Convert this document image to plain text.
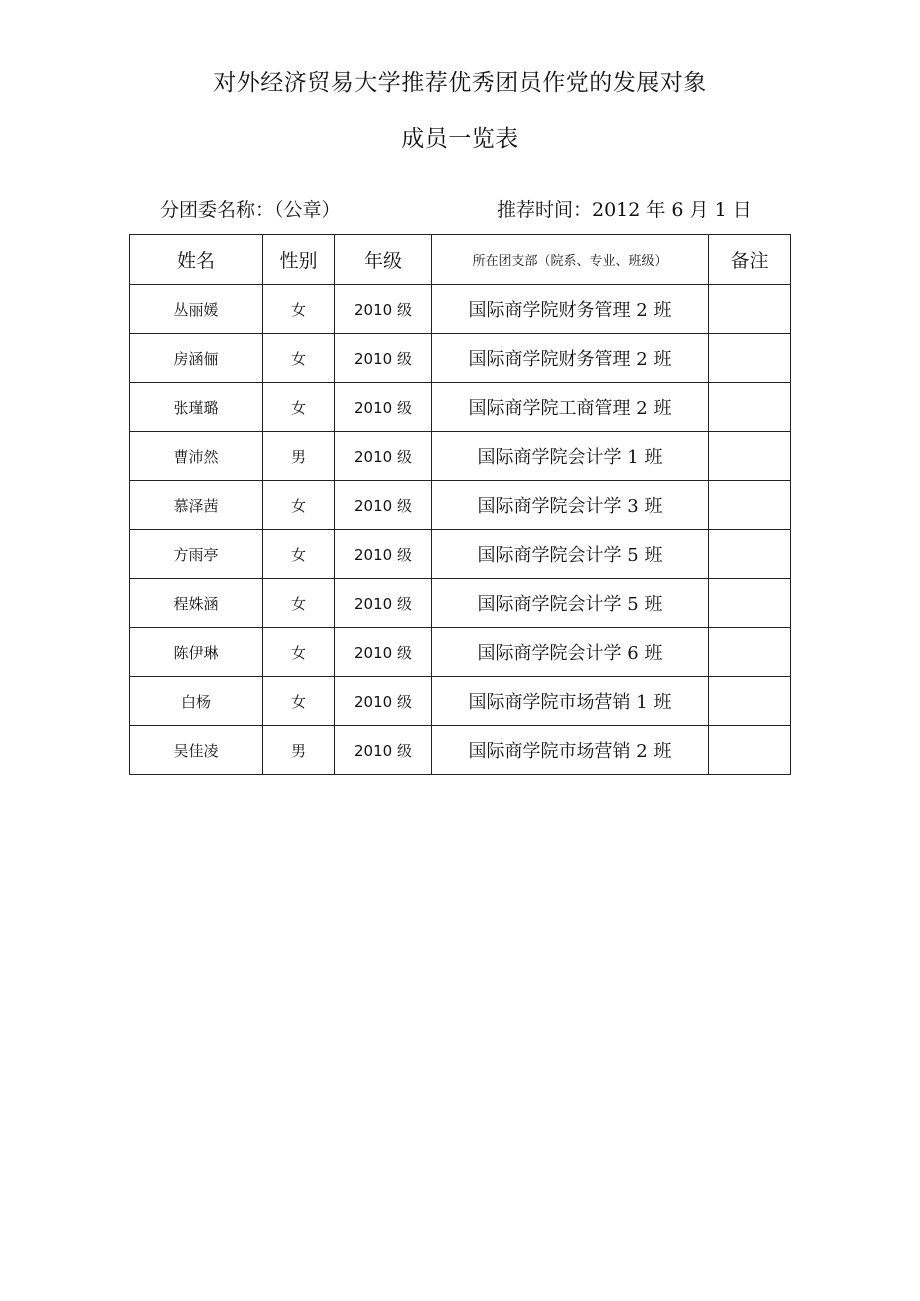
对外经济贸易大学推荐优秀团员作党的发展对象
成员一览表
分团委名称：（公章）	推荐时间：2012 年 6 月 1 日
姓名	性别	年级	所在团支部（院系、专业、班级）	备注
丛丽媛	女	2010 级	国际商学院财务管理 2 班	
房涵俪	女	2010 级	国际商学院财务管理 2 班	
张瑾璐	女	2010 级	国际商学院工商管理 2 班	
曹沛然	男	2010 级	国际商学院会计学 1 班	
慕泽茜	女	2010 级	国际商学院会计学 3 班	
方雨亭	女	2010 级	国际商学院会计学 5 班	
程姝涵	女	2010 级	国际商学院会计学 5 班	
陈伊琳	女	2010 级	国际商学院会计学 6 班	
白杨	女	2010 级	国际商学院市场营销 1 班	
吴佳凌	男	2010 级	国际商学院市场营销 2 班	
